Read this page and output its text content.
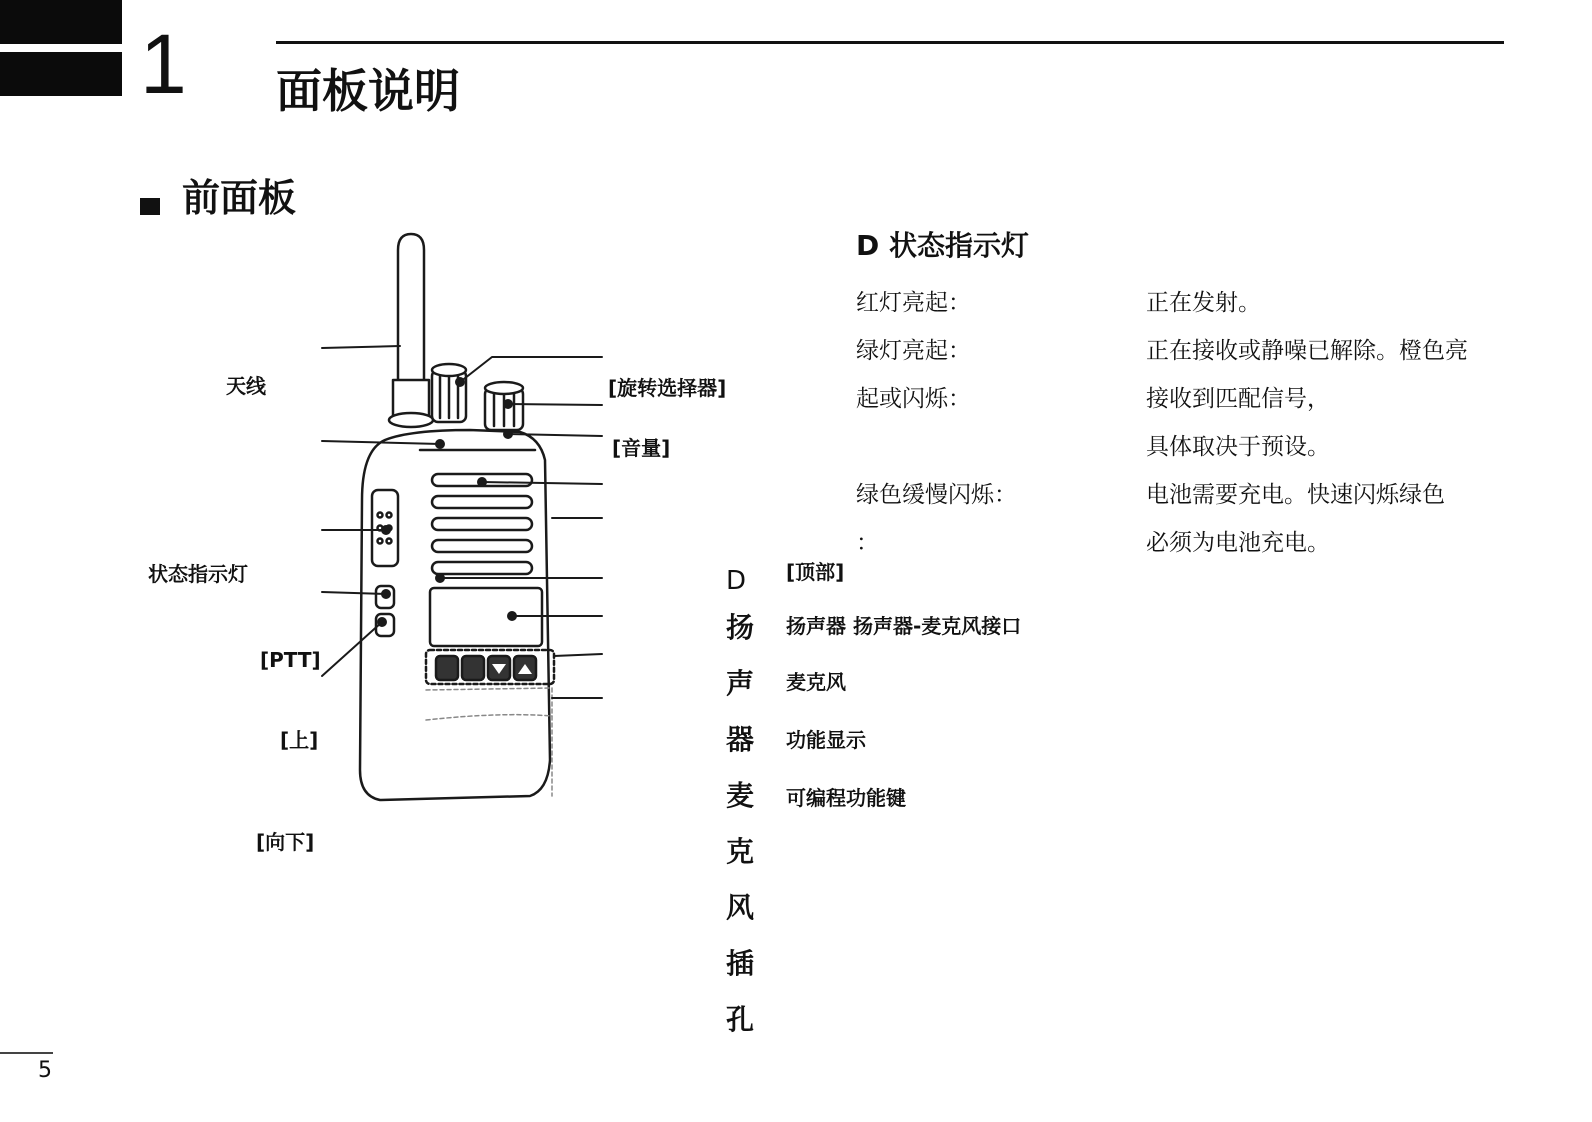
1 面板说明
前面板
天线
状态指示灯
[PTT]
[上]
[向下]
[旋转选择器]
[音量]
D
扬
声
器
麦
克
风
插
孔
[顶部]
扬声器 扬声器-麦克风接口
麦克风
功能显示
可编程功能键
D 状态指示灯
红灯亮起：	正在发射。
绿灯亮起：	正在接收或静噪已解除。橙色亮
起或闪烁：	接收到匹配信号，
具体取决于预设。
绿色缓慢闪烁：	电池需要充电。快速闪烁绿色
：	必须为电池充电。
5
